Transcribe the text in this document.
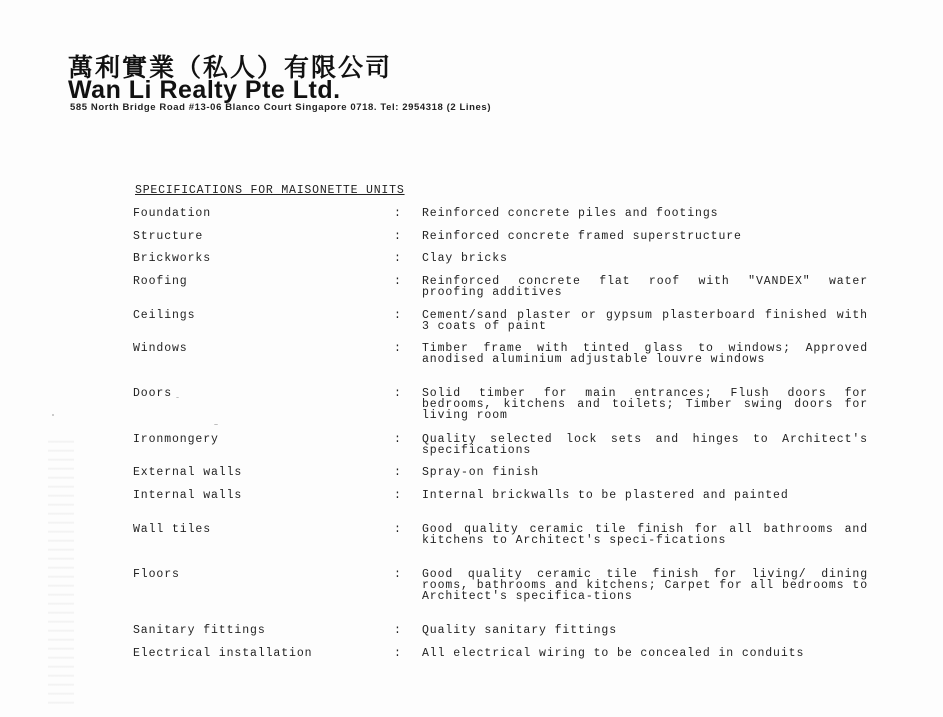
萬利實業（私人）有限公司
Wan Li Realty Pte Ltd.
585 North Bridge Road #13-06 Blanco Court Singapore 0718. Tel: 2954318 (2 Lines)
SPECIFICATIONS FOR MAISONETTE UNITS
Foundation	: Reinforced concrete piles and footings
Structure	: Reinforced concrete framed superstructure
Brickworks	: Clay bricks
Roofing	: Reinforced concrete flat roof with "VANDEX" water proofing additives
Ceilings	: Cement/sand plaster or gypsum plasterboard finished with 3 coats of paint
Windows	: Timber frame with tinted glass to windows; Approved anodised aluminium adjustable louvre windows
Doors	: Solid timber for main entrances; Flush doors for bedrooms, kitchens and toilets; Timber swing doors for living room
Ironmongery	: Quality selected lock sets and hinges to Architect's specifications
External walls	: Spray-on finish
Internal walls	: Internal brickwalls to be plastered and painted
Wall tiles	: Good quality ceramic tile finish for all bathrooms and kitchens to Architect's speci-fications
Floors	: Good quality ceramic tile finish for living/ dining rooms, bathrooms and kitchens; Carpet for all bedrooms to Architect's specifica-tions
Sanitary fittings	: Quality sanitary fittings
Electrical installation	: All electrical wiring to be concealed in conduits
